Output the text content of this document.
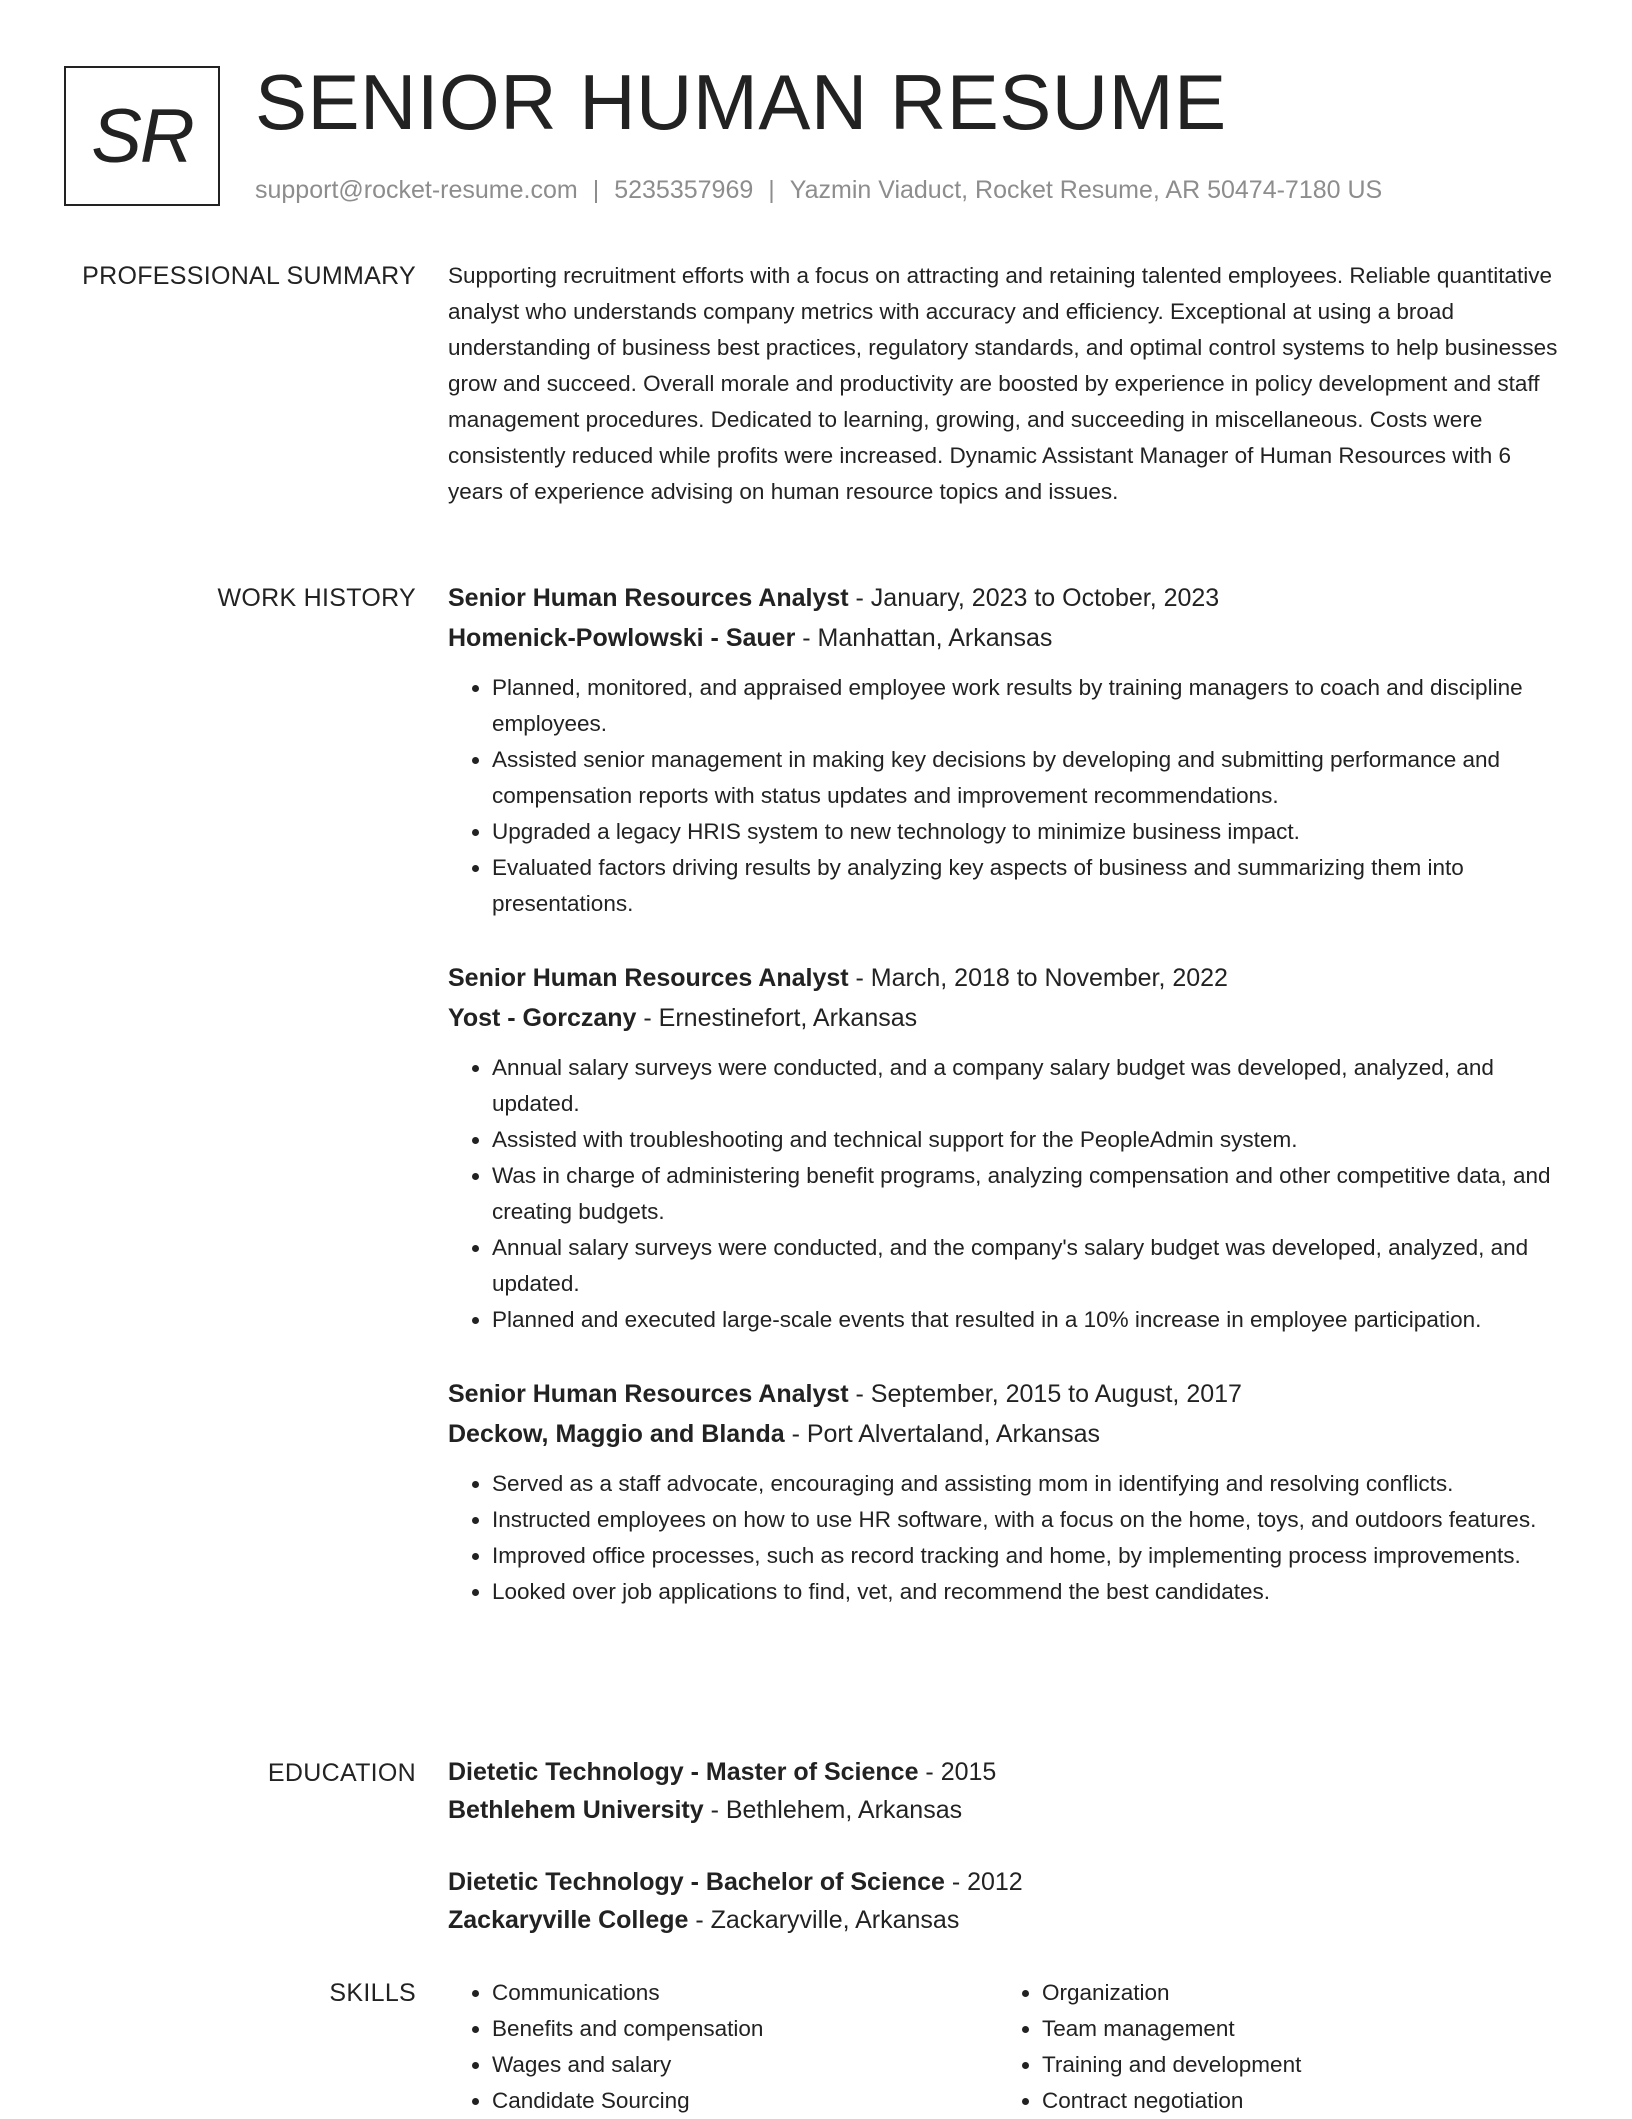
SR SENIOR HUMAN RESUME
support@rocket-resume.com | 5235357969 | Yazmin Viaduct, Rocket Resume, AR 50474-7180 US
PROFESSIONAL SUMMARY Supporting recruitment efforts with a focus on attracting and retaining talented employees. Reliable quantitative analyst who understands company metrics with accuracy and efficiency. Exceptional at using a broad understanding of business best practices, regulatory standards, and optimal control systems to help businesses grow and succeed. Overall morale and productivity are boosted by experience in policy development and staff management procedures. Dedicated to learning, growing, and succeeding in miscellaneous. Costs were consistently reduced while profits were increased. Dynamic Assistant Manager of Human Resources with 6 years of experience advising on human resource topics and issues.

WORK HISTORY Senior Human Resources Analyst - January, 2023 to October, 2023
Homenick-Powlowski - Sauer - Manhattan, Arkansas
• Planned, monitored, and appraised employee work results by training managers to coach and discipline employees.
• Assisted senior management in making key decisions by developing and submitting performance and compensation reports with status updates and improvement recommendations.
• Upgraded a legacy HRIS system to new technology to minimize business impact.
• Evaluated factors driving results by analyzing key aspects of business and summarizing them into presentations.
Senior Human Resources Analyst - March, 2018 to November, 2022
Yost - Gorczany - Ernestinefort, Arkansas
• Annual salary surveys were conducted, and a company salary budget was developed, analyzed, and updated.
• Assisted with troubleshooting and technical support for the PeopleAdmin system.
• Was in charge of administering benefit programs, analyzing compensation and other competitive data, and creating budgets.
• Annual salary surveys were conducted, and the company's salary budget was developed, analyzed, and updated.
• Planned and executed large-scale events that resulted in a 10% increase in employee participation.
Senior Human Resources Analyst - September, 2015 to August, 2017
Deckow, Maggio and Blanda - Port Alvertaland, Arkansas
• Served as a staff advocate, encouraging and assisting mom in identifying and resolving conflicts.
• Instructed employees on how to use HR software, with a focus on the home, toys, and outdoors features.
• Improved office processes, such as record tracking and home, by implementing process improvements.
• Looked over job applications to find, vet, and recommend the best candidates.
EDUCATION Dietetic Technology - Master of Science - 2015
Bethlehem University - Bethlehem, Arkansas
Dietetic Technology - Bachelor of Science - 2012
Zackaryville College - Zackaryville, Arkansas
SKILLS
•	Communications
• Benefits and compensation
• Wages and salary
• Candidate Sourcing
• Organization
• Team management
• Training and development
• Contract negotiation
